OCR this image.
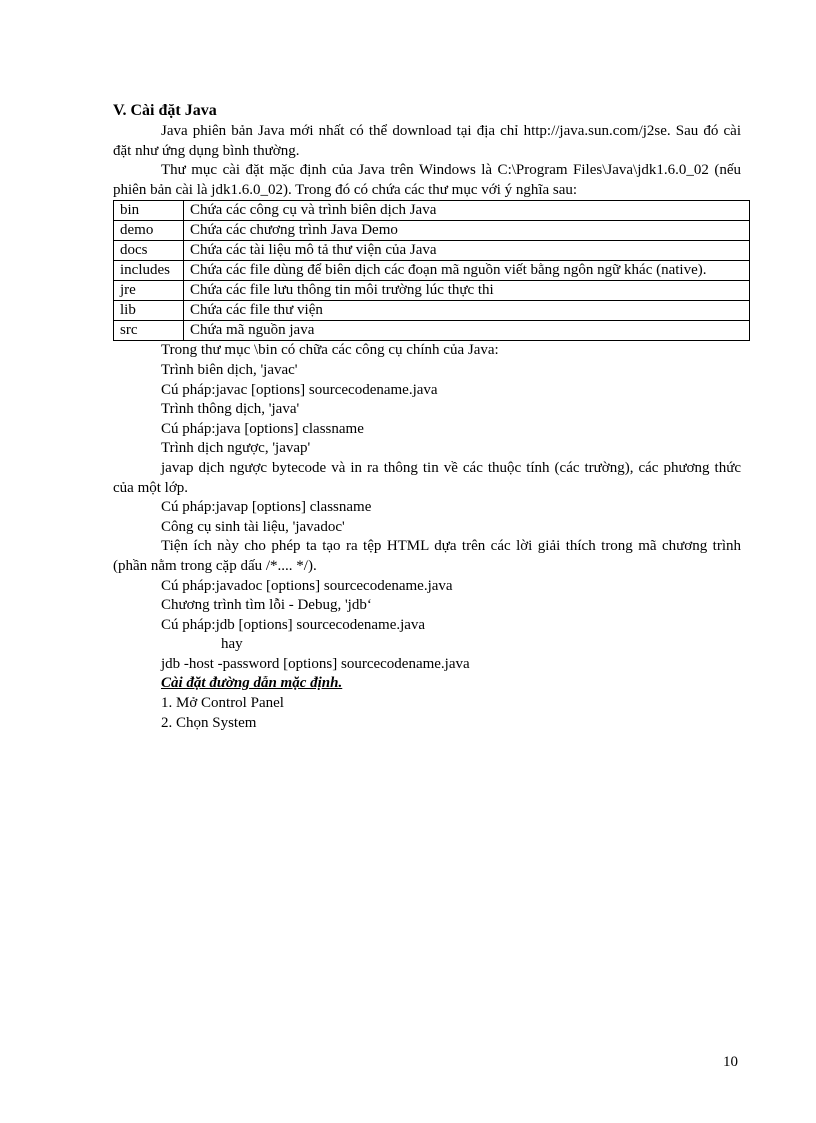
V. Cài đặt Java

Java phiên bản Java mới nhất có thể download tại địa chỉ http://java.sun.com/j2se. Sau đó cài đặt như ứng dụng bình thường.

Thư mục cài đặt mặc định của Java trên Windows là C:\Program Files\Java\jdk1.6.0_02 (nếu phiên bản cài là jdk1.6.0_02). Trong đó có chứa các thư mục với ý nghĩa sau:

bin	Chứa các công cụ và trình biên dịch Java
demo	Chứa các chương trình Java Demo
docs	Chứa các tài liệu mô tả thư viện của Java
includes	Chứa các file dùng để biên dịch các đoạn mã nguồn viết bằng ngôn ngữ khác (native).
jre	Chứa các file lưu thông tin môi trường lúc thực thi
lib	Chứa các file thư viện
src	Chứa mã nguồn java

Trong thư mục \bin có chữa các công cụ chính của Java:

Trình biên dịch, 'javac'

Cú pháp:javac [options] sourcecodename.java

Trình thông dịch, 'java'

Cú pháp:java [options] classname

Trình dịch ngược, 'javap'

javap dịch ngược bytecode và in ra thông tin về các thuộc tính (các trường), các phương thức của một lớp.

Cú pháp:javap [options] classname

Công cụ sinh tài liệu, 'javadoc'

Tiện ích này cho phép ta tạo ra tệp HTML dựa trên các lời giải thích trong mã chương trình (phần nằm trong cặp dấu /*.... */).

Cú pháp:javadoc [options] sourcecodename.java

Chương trình tìm lỗi - Debug, 'jdb‘

Cú pháp:jdb [options] sourcecodename.java

hay

jdb -host -password [options] sourcecodename.java

Cài đặt đường dẫn mặc định.

1. Mở Control Panel

2. Chọn System

10
